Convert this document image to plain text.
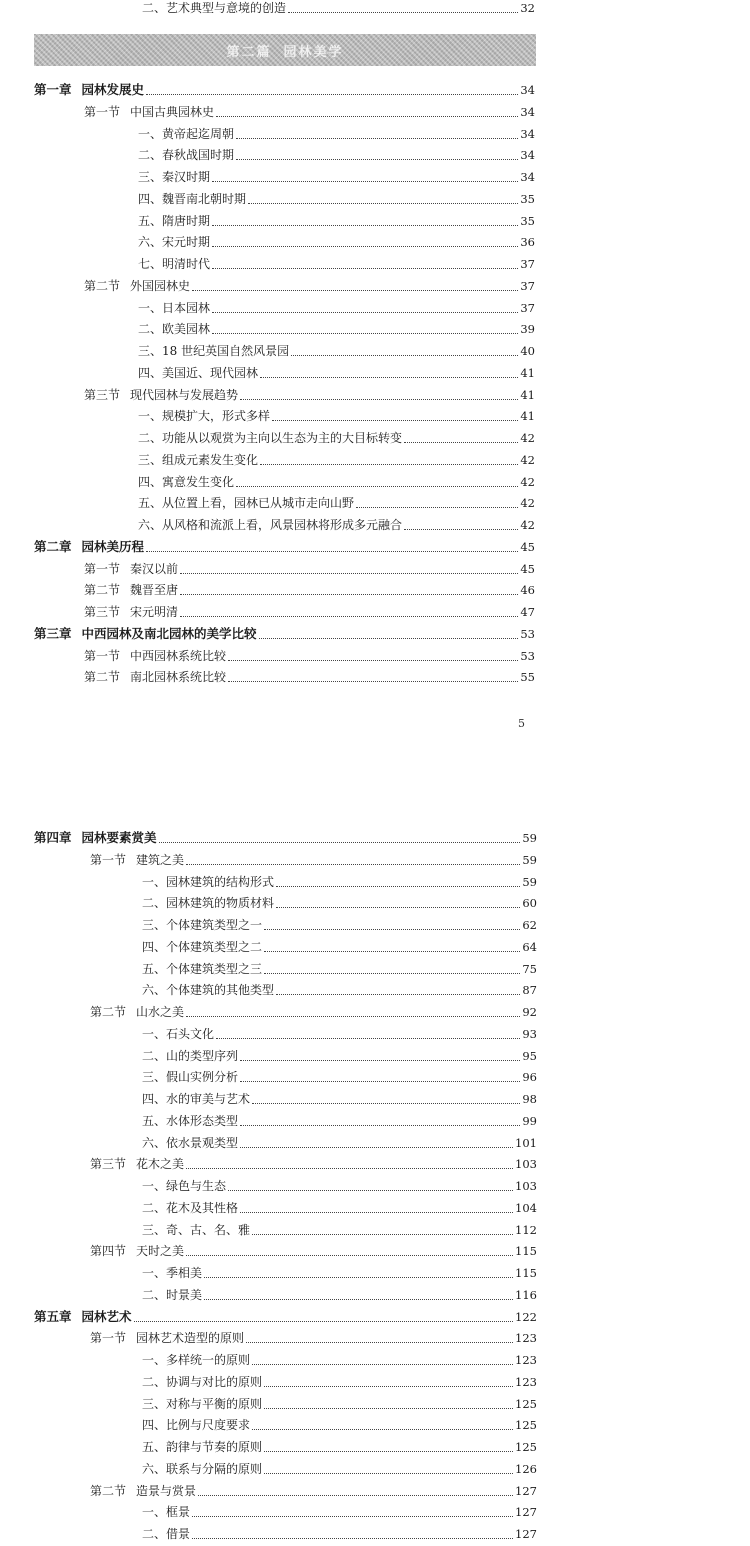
二、艺术典型与意境的创造	32
第二篇 园林美学
第一章 园林发展史	34
第一节 中国古典园林史	34
一、黄帝起迄周朝	34
二、春秋战国时期	34
三、秦汉时期	34
四、魏晋南北朝时期	35
五、隋唐时期	35
六、宋元时期	36
七、明清时代	37
第二节 外国园林史	37
一、日本园林	37
二、欧美园林	39
三、18 世纪英国自然风景园	40
四、美国近、现代园林	41
第三节 现代园林与发展趋势	41
一、规模扩大，形式多样	41
二、功能从以观赏为主向以生态为主的大目标转变	42
三、组成元素发生变化	42
四、寓意发生变化	42
五、从位置上看，园林已从城市走向山野	42
六、从风格和流派上看，风景园林将形成多元融合	42
第二章 园林美历程	45
第一节 秦汉以前	45
第二节 魏晋至唐	46
第三节 宋元明清	47
第三章 中西园林及南北园林的美学比较	53
第一节 中西园林系统比较	53
第二节 南北园林系统比较	55
5
第四章 园林要素赏美	59
第一节 建筑之美	59
一、园林建筑的结构形式	59
二、园林建筑的物质材料	60
三、个体建筑类型之一	62
四、个体建筑类型之二	64
五、个体建筑类型之三	75
六、个体建筑的其他类型	87
第二节 山水之美	92
一、石头文化	93
二、山的类型序列	95
三、假山实例分析	96
四、水的审美与艺术	98
五、水体形态类型	99
六、依水景观类型	101
第三节 花木之美	103
一、绿色与生态	103
二、花木及其性格	104
三、奇、古、名、雅	112
第四节 天时之美	115
一、季相美	115
二、时景美	116
第五章 园林艺术	122
第一节 园林艺术造型的原则	123
一、多样统一的原则	123
二、协调与对比的原则	123
三、对称与平衡的原则	125
四、比例与尺度要求	125
五、韵律与节奏的原则	125
六、联系与分隔的原则	126
第二节 造景与赏景	127
一、框景	127
二、借景	127
